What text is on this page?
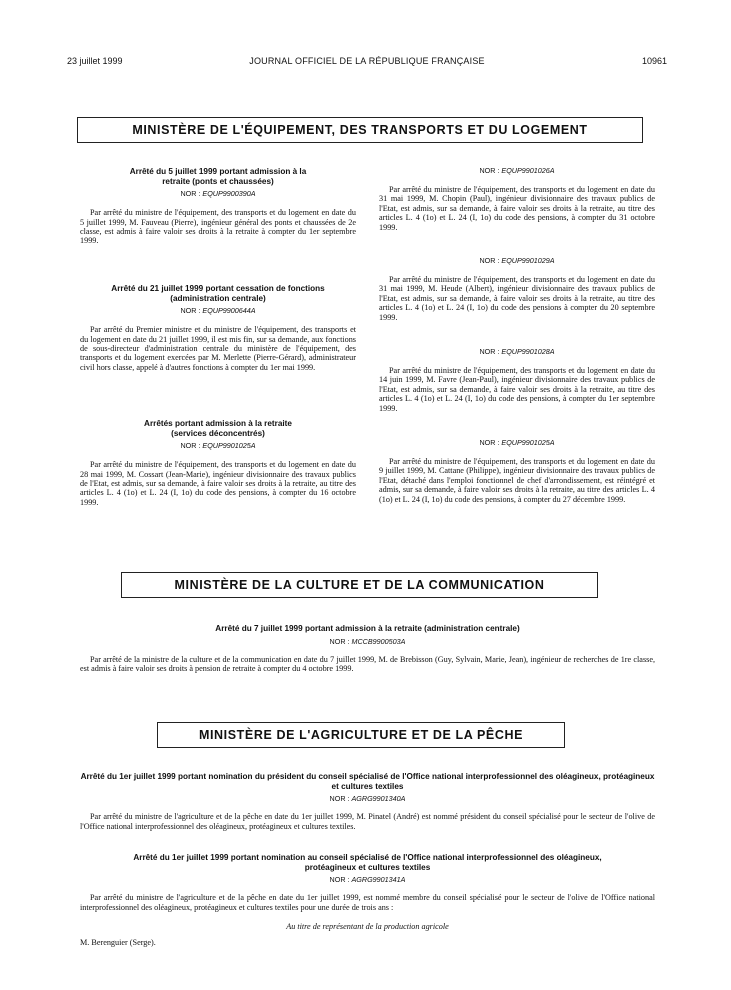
23 juillet 1999	JOURNAL OFFICIEL DE LA RÉPUBLIQUE FRANÇAISE	10961
MINISTÈRE DE L'ÉQUIPEMENT, DES TRANSPORTS ET DU LOGEMENT
Arrêté du 5 juillet 1999 portant admission à la retraite (ponts et chaussées)
NOR : EQUP9900390A

Par arrêté du ministre de l'équipement, des transports et du logement en date du 5 juillet 1999, M. Fauveau (Pierre), ingénieur général des ponts et chaussées de 2e classe, est admis à faire valoir ses droits à la retraite à compter du 1er septembre 1999.

Arrêté du 21 juillet 1999 portant cessation de fonctions (administration centrale)
NOR : EQUP9900644A

Par arrêté du Premier ministre et du ministre de l'équipement, des transports et du logement en date du 21 juillet 1999, il est mis fin, sur sa demande, aux fonctions de sous-directeur d'administration centrale du ministère de l'équipement, des transports et du logement exercées par M. Merlette (Pierre-Gérard), administrateur civil hors classe, appelé à d'autres fonctions à compter du 1er mai 1999.

Arrêtés portant admission à la retraite (services déconcentrés)
NOR : EQUP9901025A

Par arrêté du ministre de l'équipement, des transports et du logement en date du 28 mai 1999, M. Cossart (Jean-Marie), ingénieur divisionnaire des travaux publics de l'Etat, est admis, sur sa demande, à faire valoir ses droits à la retraite, au titre des articles L. 4 (1o) et L. 24 (I, 1o) du code des pensions, à compter du 16 octobre 1999.

NOR : EQUP9901026A

Par arrêté du ministre de l'équipement, des transports et du logement en date du 31 mai 1999, M. Chopin (Paul), ingénieur divisionnaire des travaux publics de l'Etat, est admis, sur sa demande, à faire valoir ses droits à la retraite, au titre des articles L. 4 (1o) et L. 24 (I, 1o) du code des pensions, à compter du 31 octobre 1999.

NOR : EQUP9901029A

Par arrêté du ministre de l'équipement, des transports et du logement en date du 31 mai 1999, M. Heude (Albert), ingénieur divisionnaire des travaux publics de l'Etat, est admis, sur sa demande, à faire valoir ses droits à la retraite, au titre des articles L. 4 (1o) et L. 24 (I, 1o) du code des pensions à compter du 20 septembre 1999.

NOR : EQUP9901028A

Par arrêté du ministre de l'équipement, des transports et du logement en date du 14 juin 1999, M. Favre (Jean-Paul), ingénieur divisionnaire des travaux publics de l'Etat, est admis, sur sa demande, à faire valoir ses droits à la retraite, au titre des articles L. 4 (1o) et L. 24 (I, 1o) du code des pensions, à compter du 1er septembre 1999.

NOR : EQUP9901025A

Par arrêté du ministre de l'équipement, des transports et du logement en date du 9 juillet 1999, M. Cattane (Philippe), ingénieur divisionnaire des travaux publics de l'Etat, détaché dans l'emploi fonctionnel de chef d'arrondissement, est réintégré et admis, sur sa demande, à faire valoir ses droits à la retraite, au titre des articles L. 4 (1o) et L. 24 (I, 1o) du code des pensions, à compter du 27 décembre 1999.

MINISTÈRE DE LA CULTURE ET DE LA COMMUNICATION
Arrêté du 7 juillet 1999 portant admission à la retraite (administration centrale)
NOR : MCCB9900503A

Par arrêté de la ministre de la culture et de la communication en date du 7 juillet 1999, M. de Brebisson (Guy, Sylvain, Marie, Jean), ingénieur de recherches de 1re classe, est admis à faire valoir ses droits à pension de retraite à compter du 4 octobre 1999.

MINISTÈRE DE L'AGRICULTURE ET DE LA PÊCHE
Arrêté du 1er juillet 1999 portant nomination du président du conseil spécialisé de l'Office national interprofessionnel des oléagineux, protéagineux et cultures textiles
NOR : AGRG9901340A

Par arrêté du ministre de l'agriculture et de la pêche en date du 1er juillet 1999, M. Pinatel (André) est nommé président du conseil spécialisé pour le secteur de l'olive de l'Office national interprofessionnel des oléagineux, protéagineux et cultures textiles.

Arrêté du 1er juillet 1999 portant nomination au conseil spécialisé de l'Office national interprofessionnel des oléagineux, protéagineux et cultures textiles
NOR : AGRG9901341A

Par arrêté du ministre de l'agriculture et de la pêche en date du 1er juillet 1999, est nommé membre du conseil spécialisé pour le secteur de l'olive de l'Office national interprofessionnel des oléagineux, protéagineux et cultures textiles pour une durée de trois ans :

Au titre de représentant de la production agricole

M. Berenguier (Serge).
